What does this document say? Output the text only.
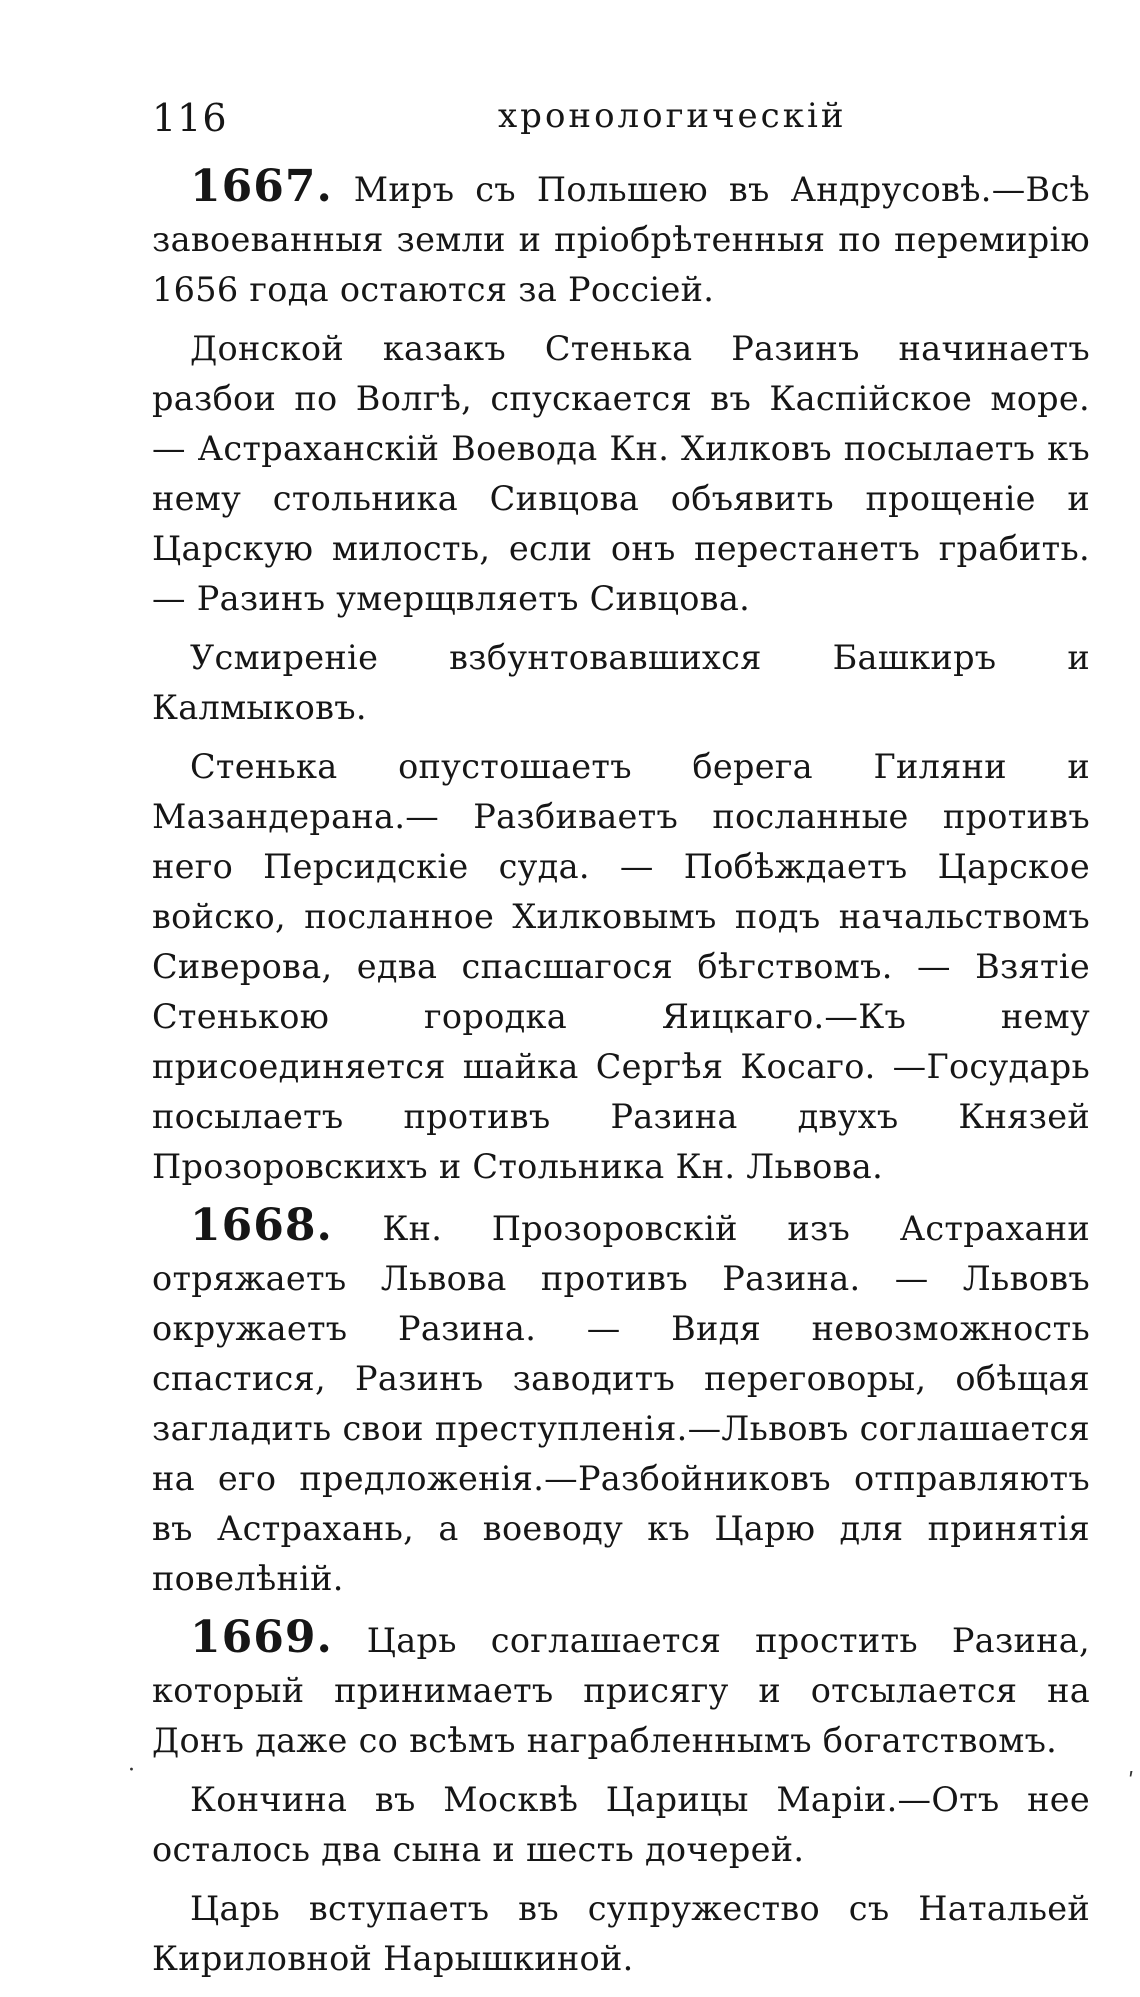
116	хронологическій

1667. Миръ съ Польшею въ Андрусовѣ.—Всѣ завоеванныя земли и пріобрѣтенныя по перемирію 1656 года остаются за Россіей.

Донской казакъ Стенька Разинъ начинаетъ разбои по Волгѣ, спускается въ Каспійское море. — Астраханскій Воевода Кн. Хилковъ посылаетъ къ нему стольника Сивцова объявить прощеніе и Царскую милость, если онъ перестанетъ грабить. — Разинъ умерщвляетъ Сивцова.

Усмиреніе взбунтовавшихся Башкиръ и Калмыковъ.

Стенька опустошаетъ берега Гиляни и Мазандерана.— Разбиваетъ посланные противъ него Персидскіе суда. — Побѣждаетъ Царское войско, посланное Хилковымъ подъ начальствомъ Сиверова, едва спасшагося бѣгствомъ. — Взятіе Стенькою городка Яицкаго.—Къ нему присоединяется шайка Сергѣя Косаго. —Государь посылаетъ противъ Разина двухъ Князей Прозоровскихъ и Стольника Кн. Львова.

1668. Кн. Прозоровскій изъ Астрахани отряжаетъ Львова противъ Разина. — Львовъ окружаетъ Разина. — Видя невозможность спастися, Разинъ заводитъ переговоры, обѣщая загладить свои преступленія.—Львовъ соглашается на его предложенія.—Разбойниковъ отправляютъ въ Астрахань, а воеводу къ Царю для принятія повелѣній.

1669. Царь соглашается простить Разина, который принимаетъ присягу и отсылается на Донъ даже со всѣмъ награбленнымъ богатствомъ.

Кончина въ Москвѣ Царицы Маріи.—Отъ нее осталось два сына и шесть дочерей.

Царь вступаетъ въ супружество съ Натальей Кириловной Нарышкиной.

·	ʹ
